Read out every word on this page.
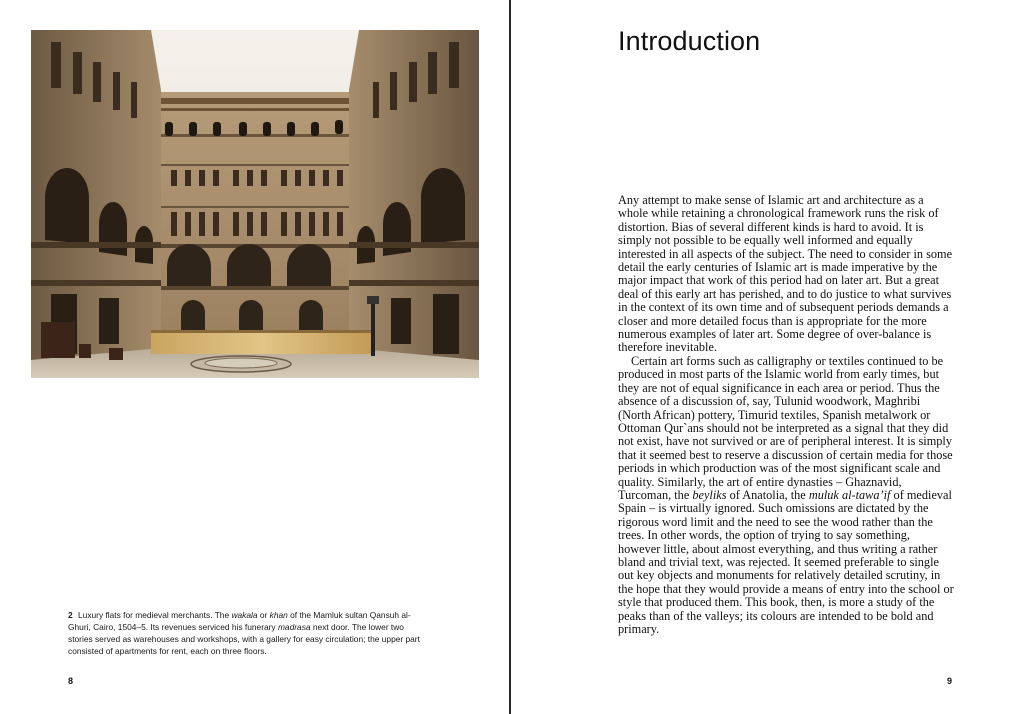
2 Luxury flats for medieval merchants. The wakala or khan of the Mamluk sultan Qansuh al-Ghuri, Cairo, 1504–5. Its revenues serviced his funerary madrasa next door. The lower two stories served as warehouses and workshops, with a gallery for easy circulation; the upper part consisted of apartments for rent, each on three floors.
8
Introduction

Any attempt to make sense of Islamic art and architecture as a whole while retaining a chronological framework runs the risk of distortion. Bias of several different kinds is hard to avoid. It is simply not possible to be equally well informed and equally interested in all aspects of the subject. The need to consider in some detail the early centuries of Islamic art is made imperative by the major impact that work of this period had on later art. But a great deal of this early art has perished, and to do justice to what survives in the context of its own time and of subsequent periods demands a closer and more detailed focus than is appropriate for the more numerous examples of later art. Some degree of over-balance is therefore inevitable.

Certain art forms such as calligraphy or textiles continued to be produced in most parts of the Islamic world from early times, but they are not of equal significance in each area or period. Thus the absence of a discussion of, say, Tulunid woodwork, Maghribi (North African) pottery, Timurid textiles, Spanish metalwork or Ottoman Qur`ans should not be interpreted as a signal that they did not exist, have not survived or are of peripheral interest. It is simply that it seemed best to reserve a discussion of certain media for those periods in which production was of the most significant scale and quality. Similarly, the art of entire dynasties – Ghaznavid, Turcoman, the beyliks of Anatolia, the muluk al-tawa’if of medieval Spain – is virtually ignored. Such omissions are dictated by the rigorous word limit and the need to see the wood rather than the trees. In other words, the option of trying to say something, however little, about almost everything, and thus writing a rather bland and trivial text, was rejected. It seemed preferable to single out key objects and monuments for relatively detailed scrutiny, in the hope that they would provide a means of entry into the school or style that produced them. This book, then, is more a study of the peaks than of the valleys; its colours are intended to be bold and primary.

9
